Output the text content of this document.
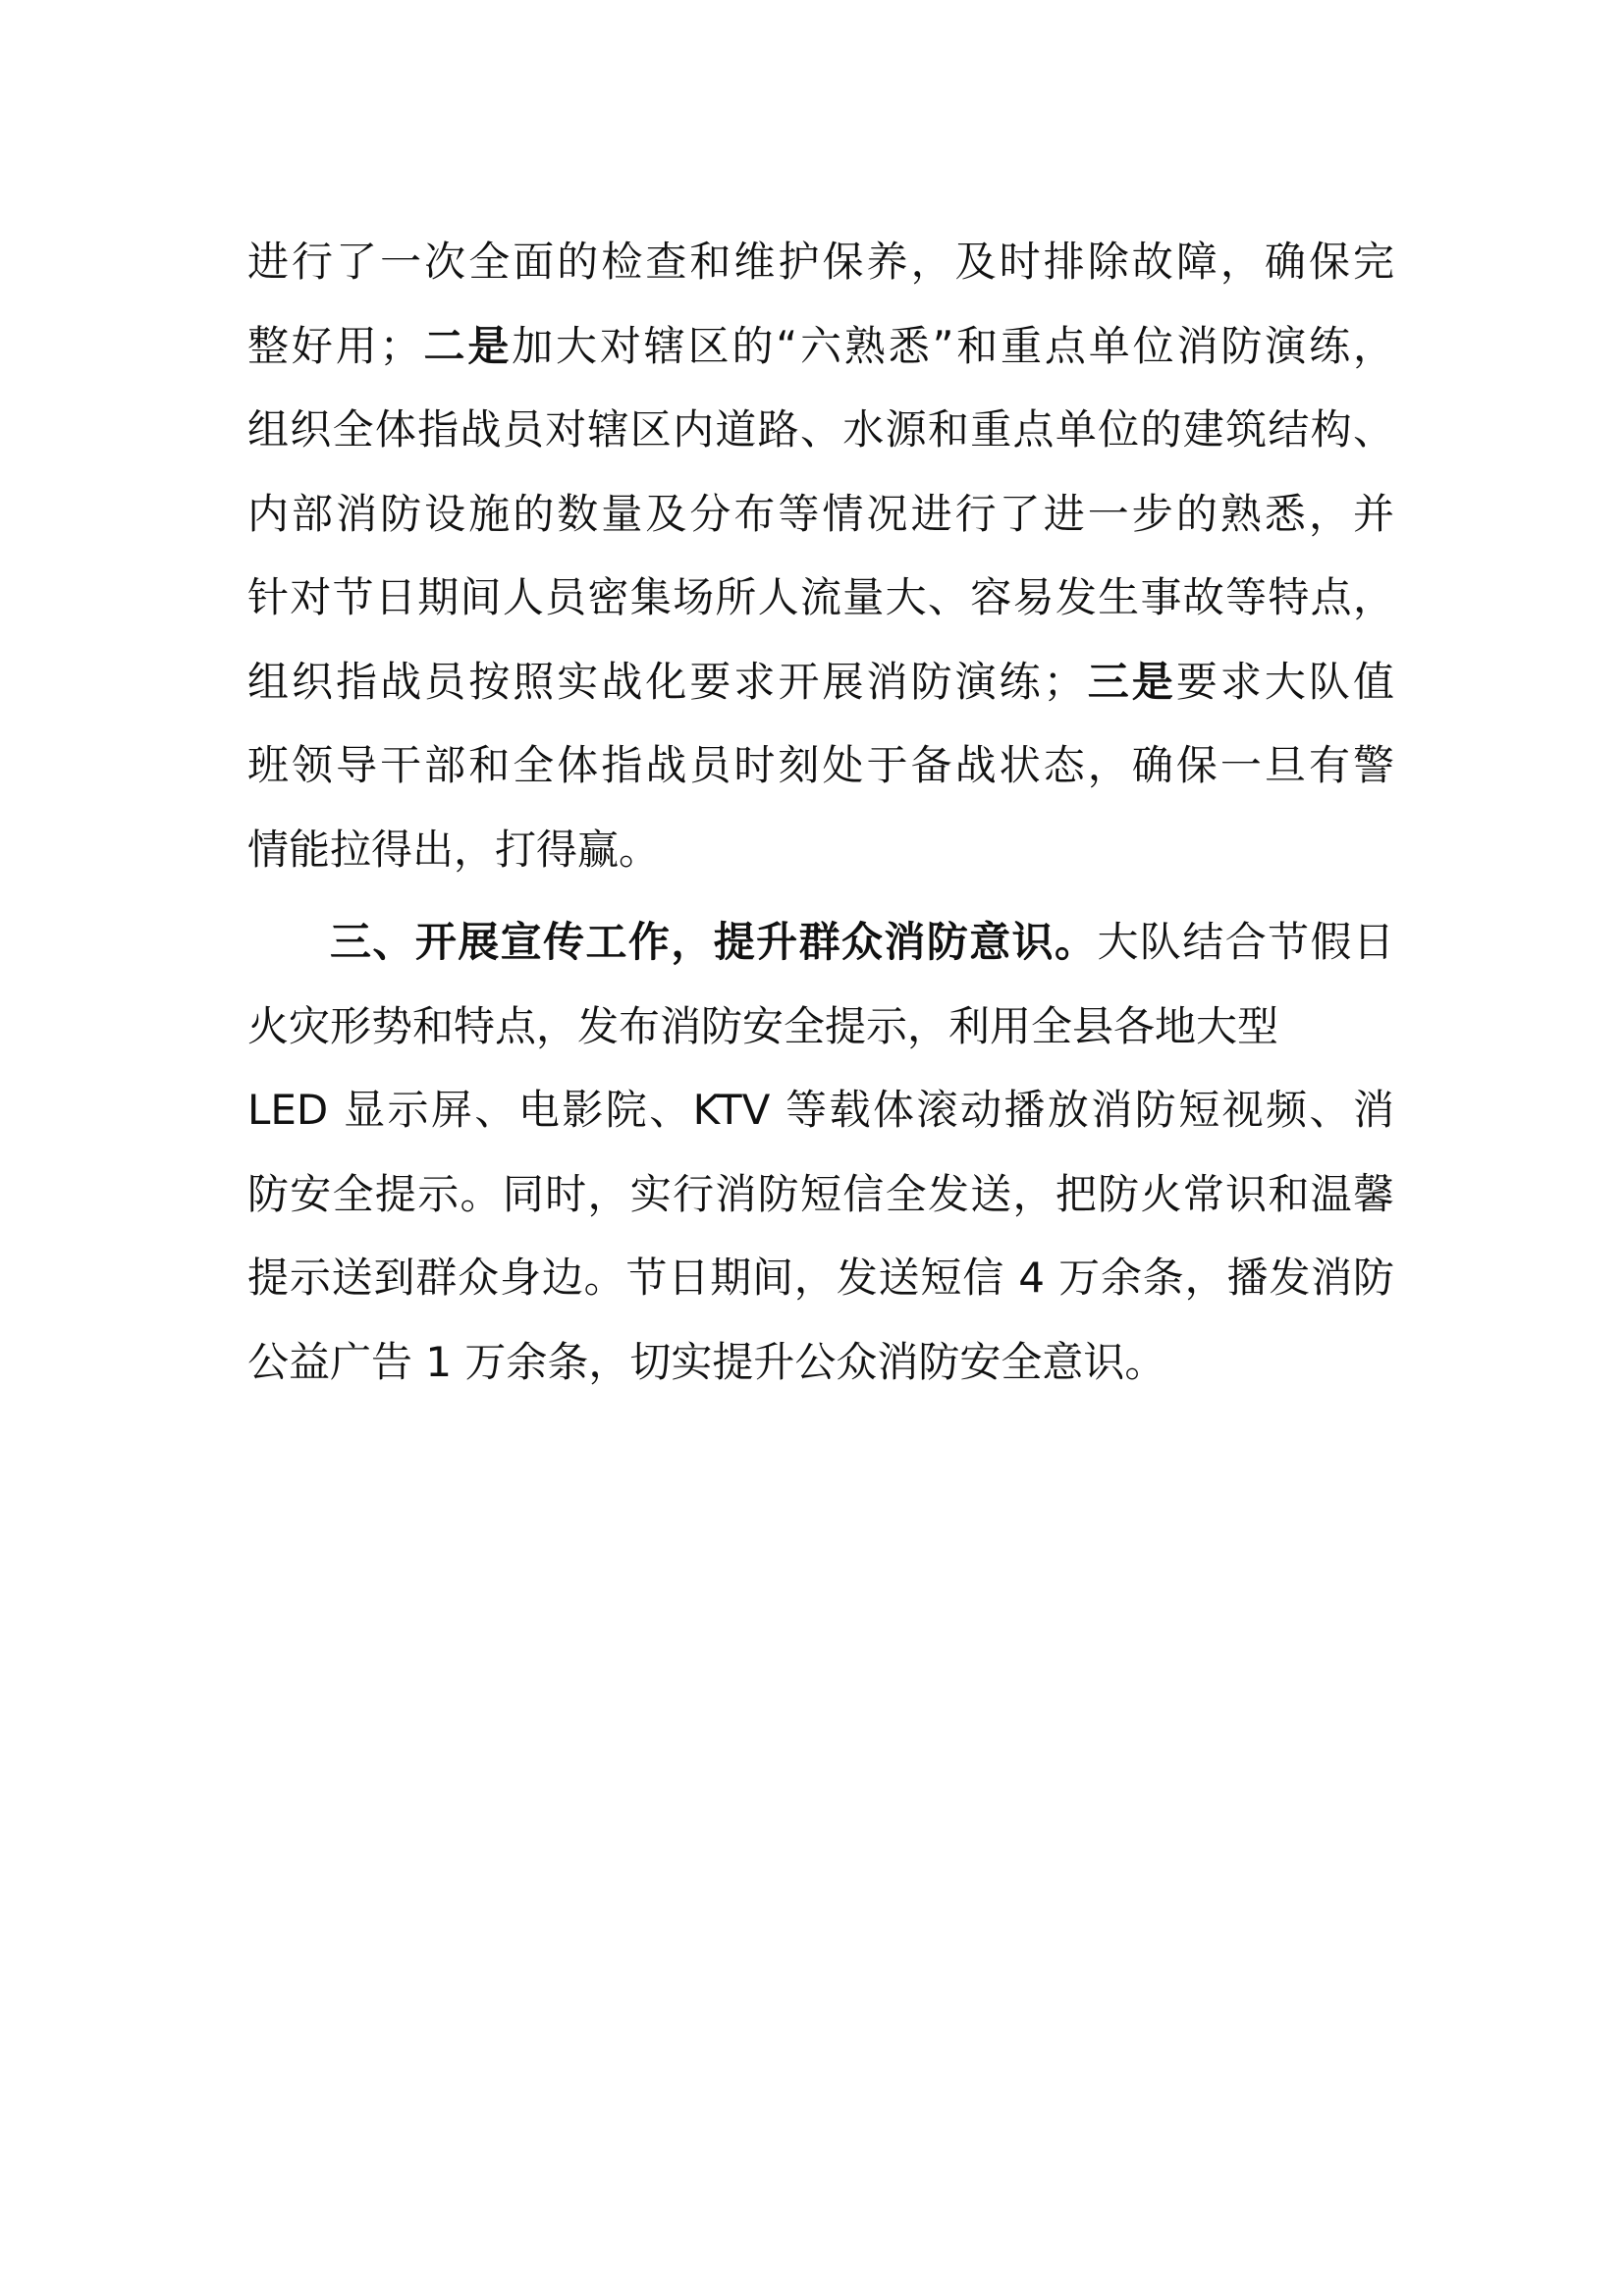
进行了一次全面的检查和维护保养，及时排除故障，确保完
整好用；二是加大对辖区的“六熟悉”和重点单位消防演练，
组织全体指战员对辖区内道路、水源和重点单位的建筑结构、
内部消防设施的数量及分布等情况进行了进一步的熟悉，并
针对节日期间人员密集场所人流量大、容易发生事故等特点，
组织指战员按照实战化要求开展消防演练；三是要求大队值
班领导干部和全体指战员时刻处于备战状态，确保一旦有警
情能拉得出，打得赢。
三、开展宣传工作，提升群众消防意识。大队结合节假日
火灾形势和特点，发布消防安全提示，利用全县各地大型
LED 显示屏、电影院、KTV 等载体滚动播放消防短视频、消
防安全提示。同时，实行消防短信全发送，把防火常识和温馨
提示送到群众身边。节日期间，发送短信 4 万余条，播发消防
公益广告 1 万余条，切实提升公众消防安全意识。
